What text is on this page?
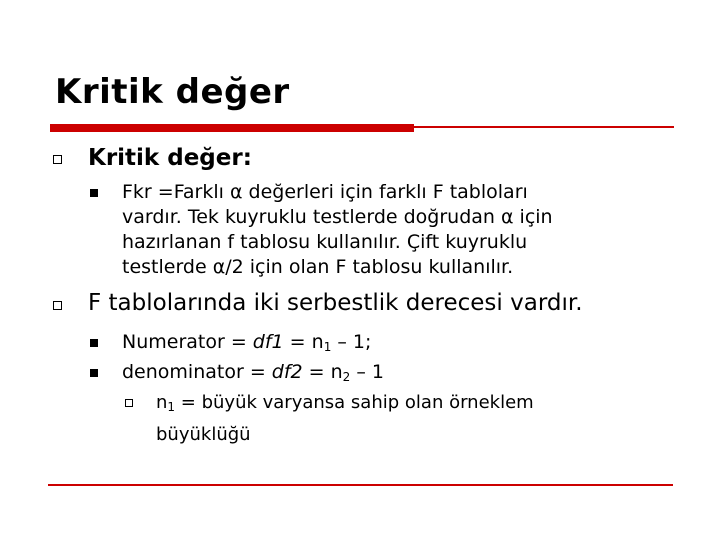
Kritik değer
Kritik değer:
Fkr =Farklı α değerleri için farklı F tabloları
vardır. Tek kuyruklu testlerde doğrudan α için
hazırlanan f tablosu kullanılır. Çift kuyruklu
testlerde α/2 için olan F tablosu kullanılır.
F tablolarında iki serbestlik derecesi vardır.
Numerator = $df1 = n_1 - 1$;
denominator = $df2 = n_2 - 1$
$n_1$ = büyük varyansa sahip olan örneklem
büyüklüğü
